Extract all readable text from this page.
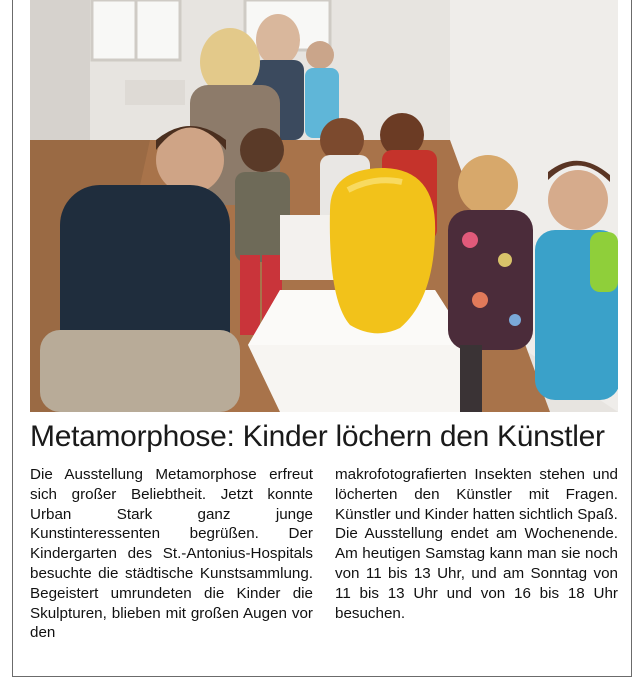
Metamorphose: Kinder löchern den Künstler

Die Ausstellung Metamorphose erfreut sich großer Beliebtheit. Jetzt konnte Urban Stark ganz junge Kunstinteressenten begrüßen. Der Kindergarten des St.-Antonius-Hospitals besuchte die städtische Kunstsammlung. Begeistert umrundeten die Kinder die Skulpturen, blieben mit großen Augen vor den

makrofotografierten Insekten stehen und löcherten den Künstler mit Fragen. Künstler und Kinder hatten sichtlich Spaß.

Die Ausstellung endet am Wochenende. Am heutigen Samstag kann man sie noch von 11 bis 13 Uhr, und am Sonntag von 11 bis 13 Uhr und von 16 bis 18 Uhr besuchen.
